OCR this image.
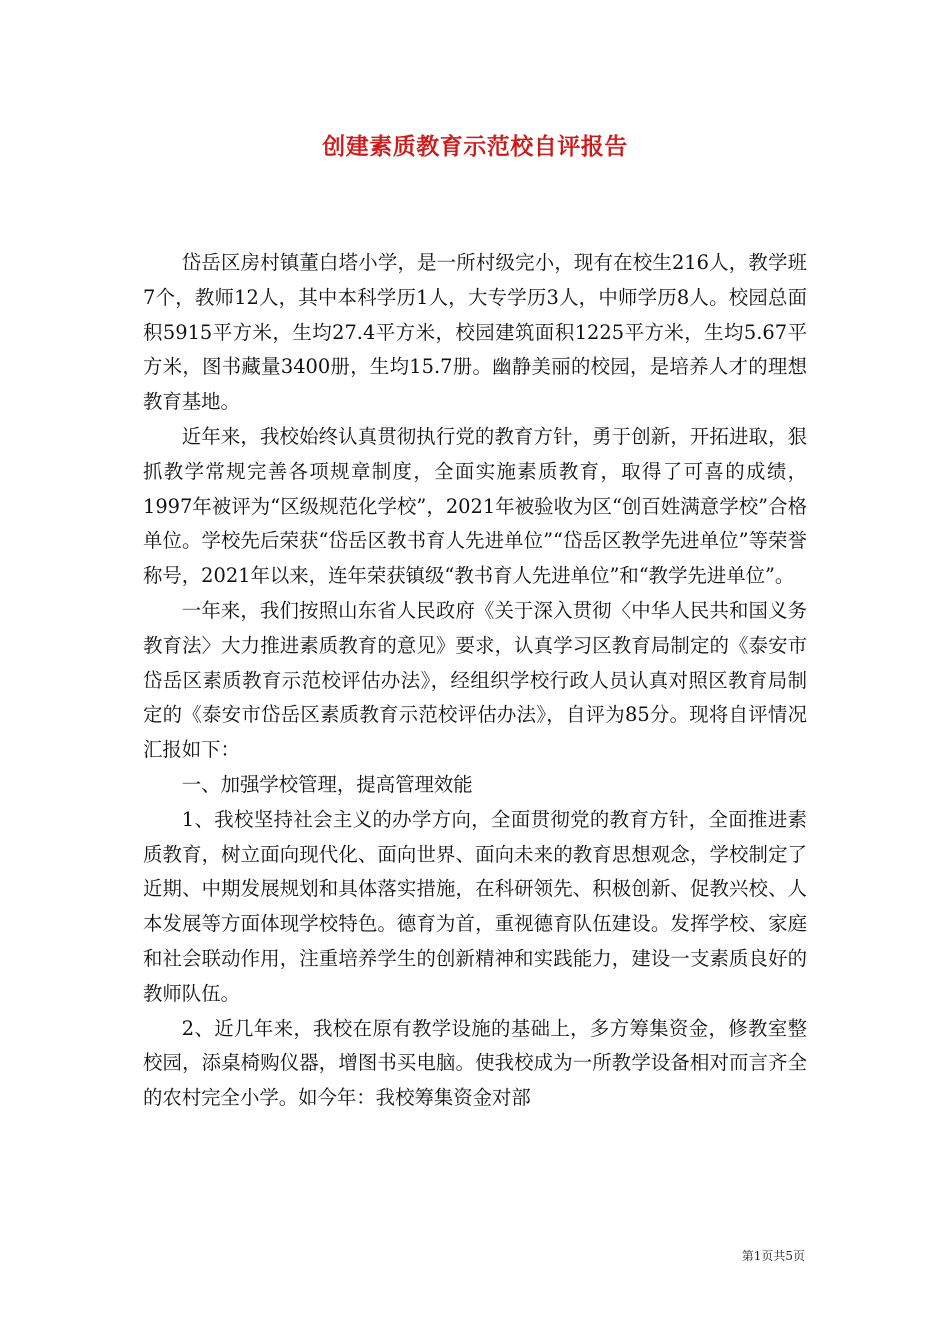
创建素质教育示范校自评报告

岱岳区房村镇董白塔小学，是一所村级完小，现有在校生216人，教学班7个，教师12人，其中本科学历1人，大专学历3人，中师学历8人。校园总面积5915平方米，生均27.4平方米，校园建筑面积1225平方米，生均5.67平方米，图书藏量3400册，生均15.7册。幽静美丽的校园，是培养人才的理想教育基地。

近年来，我校始终认真贯彻执行党的教育方针，勇于创新，开拓进取，狠抓教学常规完善各项规章制度，全面实施素质教育，取得了可喜的成绩，1997年被评为“区级规范化学校”，2021年被验收为区“创百姓满意学校”合格单位。学校先后荣获“岱岳区教书育人先进单位”“岱岳区教学先进单位”等荣誉称号，2021年以来，连年荣获镇级“教书育人先进单位”和“教学先进单位”。

一年来，我们按照山东省人民政府《关于深入贯彻〈中华人民共和国义务教育法〉大力推进素质教育的意见》要求，认真学习区教育局制定的《泰安市岱岳区素质教育示范校评估办法》，经组织学校行政人员认真对照区教育局制定的《泰安市岱岳区素质教育示范校评估办法》，自评为85分。现将自评情况汇报如下：

一、加强学校管理，提高管理效能

1、我校坚持社会主义的办学方向，全面贯彻党的教育方针，全面推进素质教育，树立面向现代化、面向世界、面向未来的教育思想观念，学校制定了近期、中期发展规划和具体落实措施，在科研领先、积极创新、促教兴校、人本发展等方面体现学校特色。德育为首，重视德育队伍建设。发挥学校、家庭和社会联动作用，注重培养学生的创新精神和实践能力，建设一支素质良好的教师队伍。

2、近几年来，我校在原有教学设施的基础上，多方筹集资金，修教室整校园，添桌椅购仪器，增图书买电脑。使我校成为一所教学设备相对而言齐全的农村完全小学。如今年：我校筹集资金对部

第1页共5页
